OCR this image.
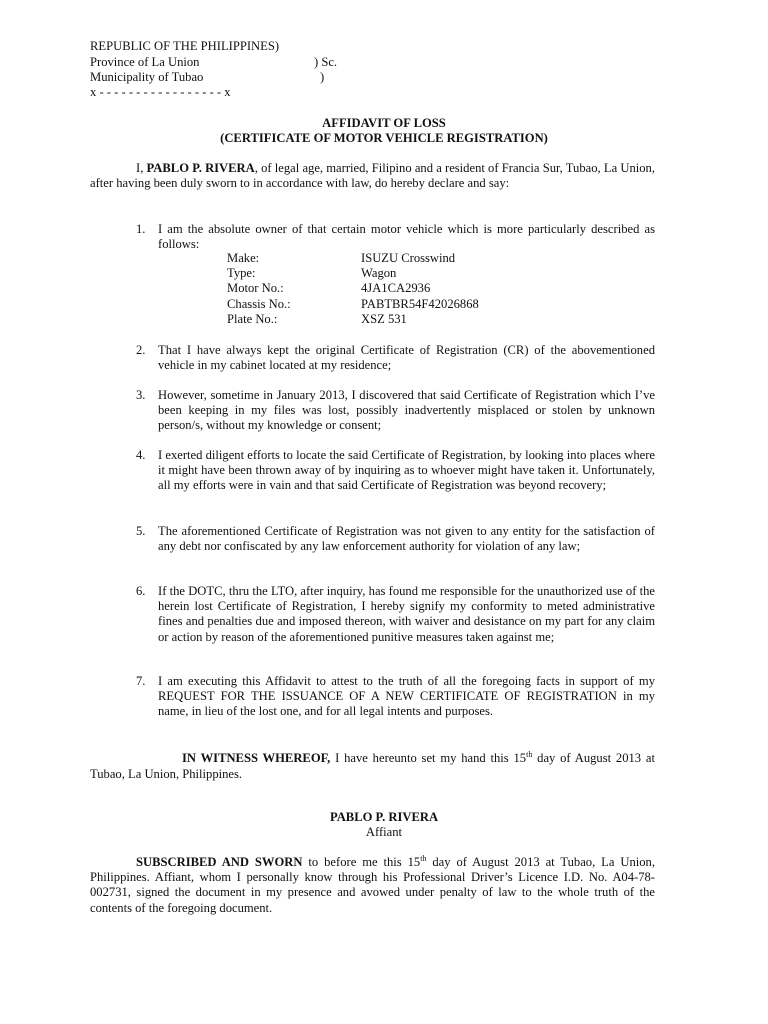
REPUBLIC OF THE PHILIPPINES)
Province of La Union	) Sc.
Municipality of Tubao	)
x - - - - - - - - - - - - - - - - - x
AFFIDAVIT OF LOSS
(CERTIFICATE OF MOTOR VEHICLE REGISTRATION)
I, PABLO P. RIVERA, of legal age, married, Filipino and a resident of Francia Sur, Tubao, La Union, after having been duly sworn to in accordance with law, do hereby declare and say:
1. I am the absolute owner of that certain motor vehicle which is more particularly described as follows:
Make:	ISUZU Crosswind
Type:	Wagon
Motor No.:	4JA1CA2936
Chassis No.:	PABTBR54F42026868
Plate No.:	XSZ 531
2. That I have always kept the original Certificate of Registration (CR) of the abovementioned vehicle in my cabinet located at my residence;
3. However, sometime in January 2013, I discovered that said Certificate of Registration which I’ve been keeping in my files was lost, possibly inadvertently misplaced or stolen by unknown person/s, without my knowledge or consent;
4. I exerted diligent efforts to locate the said Certificate of Registration, by looking into places where it might have been thrown away of by inquiring as to whoever might have taken it. Unfortunately, all my efforts were in vain and that said Certificate of Registration was beyond recovery;
5. The aforementioned Certificate of Registration was not given to any entity for the satisfaction of any debt nor confiscated by any law enforcement authority for violation of any law;
6. If the DOTC, thru the LTO, after inquiry, has found me responsible for the unauthorized use of the herein lost Certificate of Registration, I hereby signify my conformity to meted administrative fines and penalties due and imposed thereon, with waiver and desistance on my part for any claim or action by reason of the aforementioned punitive measures taken against me;
7. I am executing this Affidavit to attest to the truth of all the foregoing facts in support of my REQUEST FOR THE ISSUANCE OF A NEW CERTIFICATE OF REGISTRATION in my name, in lieu of the lost one, and for all legal intents and purposes.
IN WITNESS WHEREOF, I have hereunto set my hand this 15th day of August 2013 at Tubao, La Union, Philippines.
PABLO P. RIVERA
Affiant
SUBSCRIBED AND SWORN to before me this 15th day of August 2013 at Tubao, La Union, Philippines. Affiant, whom I personally know through his Professional Driver’s Licence I.D. No. A04-78-002731, signed the document in my presence and avowed under penalty of law to the whole truth of the contents of the foregoing document.
